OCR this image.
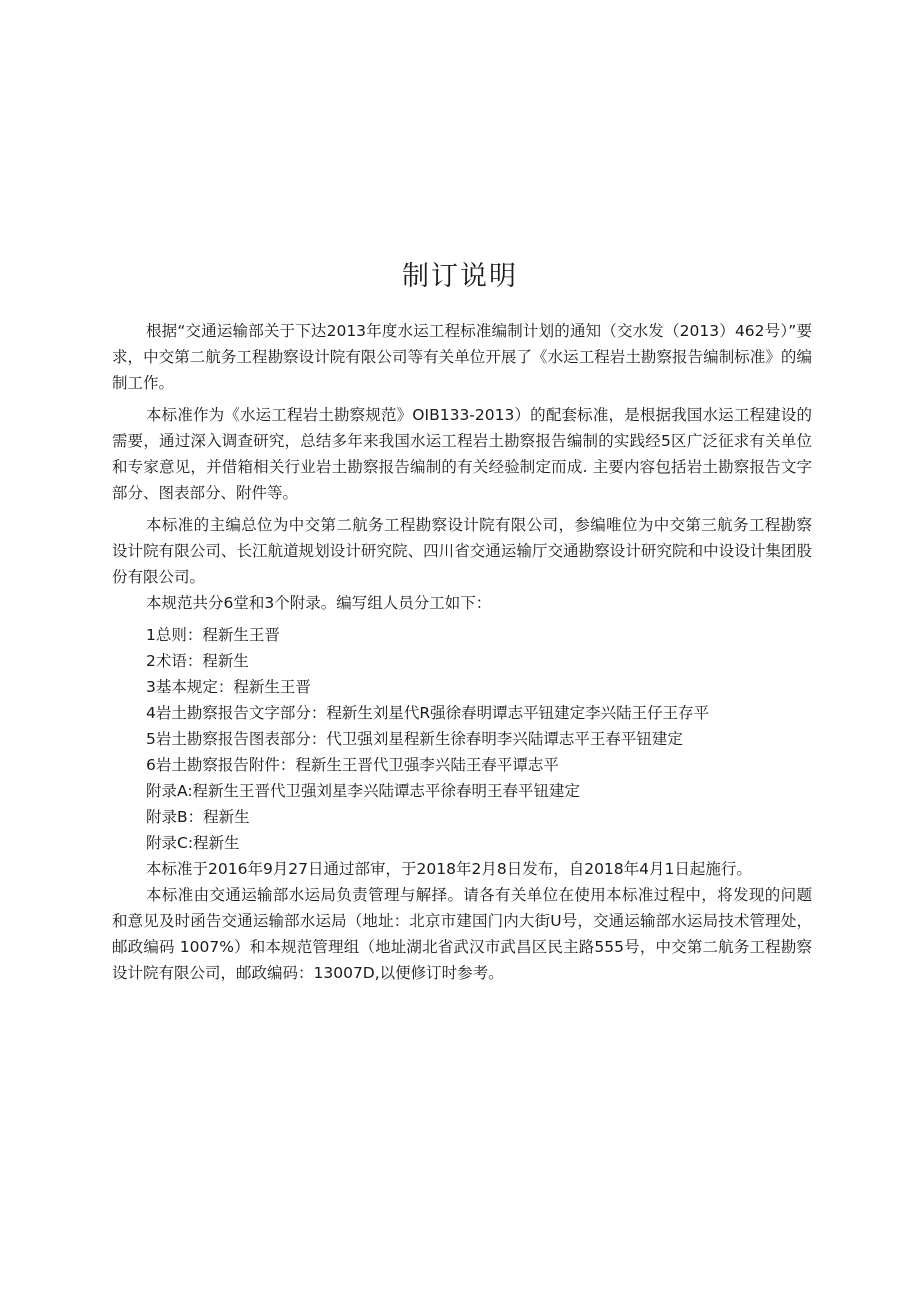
制订说明

根据“交通运输部关于下达2013年度水运工程标准编制计划的通知（交水发（2013）462号）”要求，中交第二航务工程勘察设计院有限公司等有关单位开展了《水运工程岩土勘察报告编制标准》的编制工作。

本标准作为《水运工程岩土勘察规范》OIB133-2013）的配套标准，是根据我国水运工程建设的需要，通过深入调查研究，总结多年来我国水运工程岩土勘察报告编制的实践经5区广泛征求有关单位和专家意见，并借箱相关行业岩土勘察报告编制的有关经验制定而成. 主要内容包括岩土勘察报告文字部分、图表部分、附件等。

本标准的主编总位为中交第二航务工程勘察设计院有限公司，参编唯位为中交第三航务工程勘察设计院有限公司、长江航道规划设计研究院、四川省交通运输厅交通勘察设计研究院和中设设计集团股份有限公司。

本规范共分6堂和3个附录。编写组人员分工如下：

1总则：程新生王晋

2术语：程新生

3基本规定：程新生王晋

4岩土勘察报告文字部分：程新生刘星代R强徐春明谭志平钮建定李兴陆王仔王存平

5岩土勘察报告图表部分：代卫强刘星程新生徐春明李兴陆谭志平王春平钮建定

6岩土勘察报告附件：程新生王晋代卫强李兴陆王春平谭志平

附录A:程新生王晋代卫强刘星李兴陆谭志平徐春明王春平钮建定

附录B：程新生

附录C:程新生

本标准于2016年9月27日通过部审，于2018年2月8日发布，自2018年4月1日起施行。

本标准由交通运输部水运局负责管理与解择。请各有关单位在使用本标准过程中，将发现的问题和意见及时函告交通运输部水运局（地址：北京市建国门内大街U号，交通运输部水运局技术管理处，邮政编码 1007%）和本规范管理组（地址湖北省武汉市武昌区民主路555号，中交第二航务工程勘察设计院有限公司，邮政编码：13007D,以便修订时参考。
